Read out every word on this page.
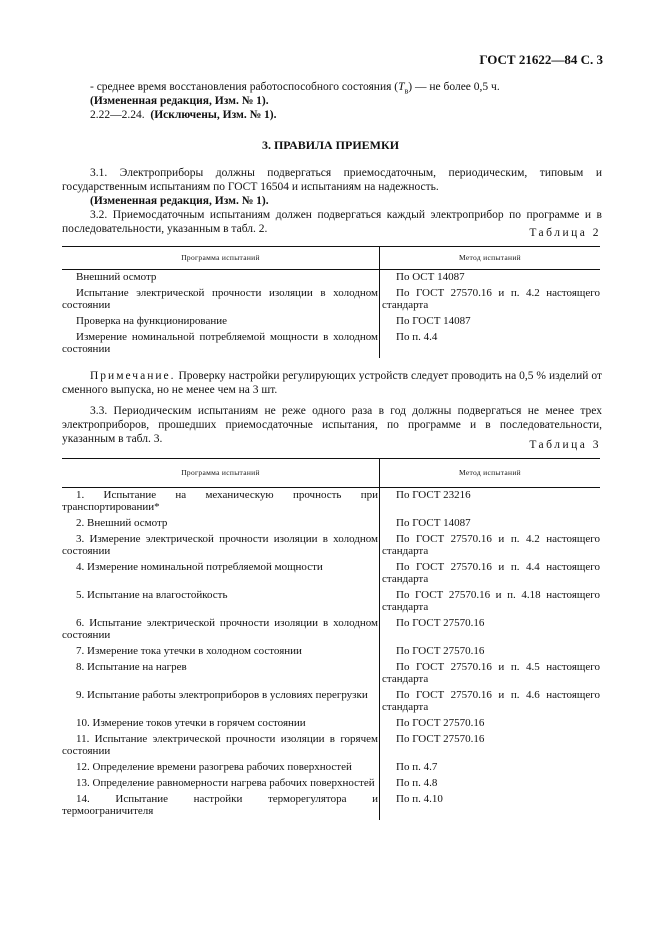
ГОСТ 21622—84 С. 3
- среднее время восстановления работоспособного состояния $(T_в)$ — не более 0,5 ч.
(Измененная редакция, Изм. № 1).
2.22—2.24. (Исключены, Изм. № 1).
3. ПРАВИЛА ПРИЕМКИ
3.1. Электроприборы должны подвергаться приемосдаточным, периодическим, типовым и государственным испытаниям по ГОСТ 16504 и испытаниям на надежность.
(Измененная редакция, Изм. № 1).
3.2. Приемосдаточным испытаниям должен подвергаться каждый электроприбор по программе и в последовательности, указанным в табл. 2.	Таблица 2
Программа испытаний	Метод испытаний

Внешний осмотр	По ОСТ 14087

Испытание электрической прочности изоляции в холодном состоянии	По ГОСТ 27570.16 и п. 4.2 настоящего стандарта

Проверка на функционирование	По ГОСТ 14087

Измерение номинальной потребляемой мощности в холодном состоянии	По п. 4.4
Примечание. Проверку настройки регулирующих устройств следует проводить на 0,5 % изделий от сменного выпуска, но не менее чем на 3 шт.
3.3. Периодическим испытаниям не реже одного раза в год должны подвергаться не менее трех электроприборов, прошедших приемосдаточные испытания, по программе и в последовательности, указанным в табл. 3.	Таблица 3
Программа испытаний	Метод испытаний

1. Испытание на механическую прочность при транспортировании*	По ГОСТ 23216

2. Внешний осмотр	По ГОСТ 14087

3. Измерение электрической прочности изоляции в холодном состоянии	По ГОСТ 27570.16 и п. 4.2 настоящего стандарта

4. Измерение номинальной потребляемой мощности	По ГОСТ 27570.16 и п. 4.4 настоящего стандарта

5. Испытание на влагостойкость	По ГОСТ 27570.16 и п. 4.18 настоящего стандарта

6. Испытание электрической прочности изоляции в холодном состоянии	По ГОСТ 27570.16

7. Измерение тока утечки в холодном состоянии	По ГОСТ 27570.16

8. Испытание на нагрев	По ГОСТ 27570.16 и п. 4.5 настоящего стандарта

9. Испытание работы электроприборов в условиях перегрузки	По ГОСТ 27570.16 и п. 4.6 настоящего стандарта

10. Измерение токов утечки в горячем состоянии	По ГОСТ 27570.16

11. Испытание электрической прочности изоляции в горячем состоянии	По ГОСТ 27570.16

12. Определение времени разогрева рабочих поверхностей	По п. 4.7

13. Определение равномерности нагрева рабочих поверхностей	По п. 4.8

14. Испытание настройки терморегулятора и термоограничителя	По п. 4.10
